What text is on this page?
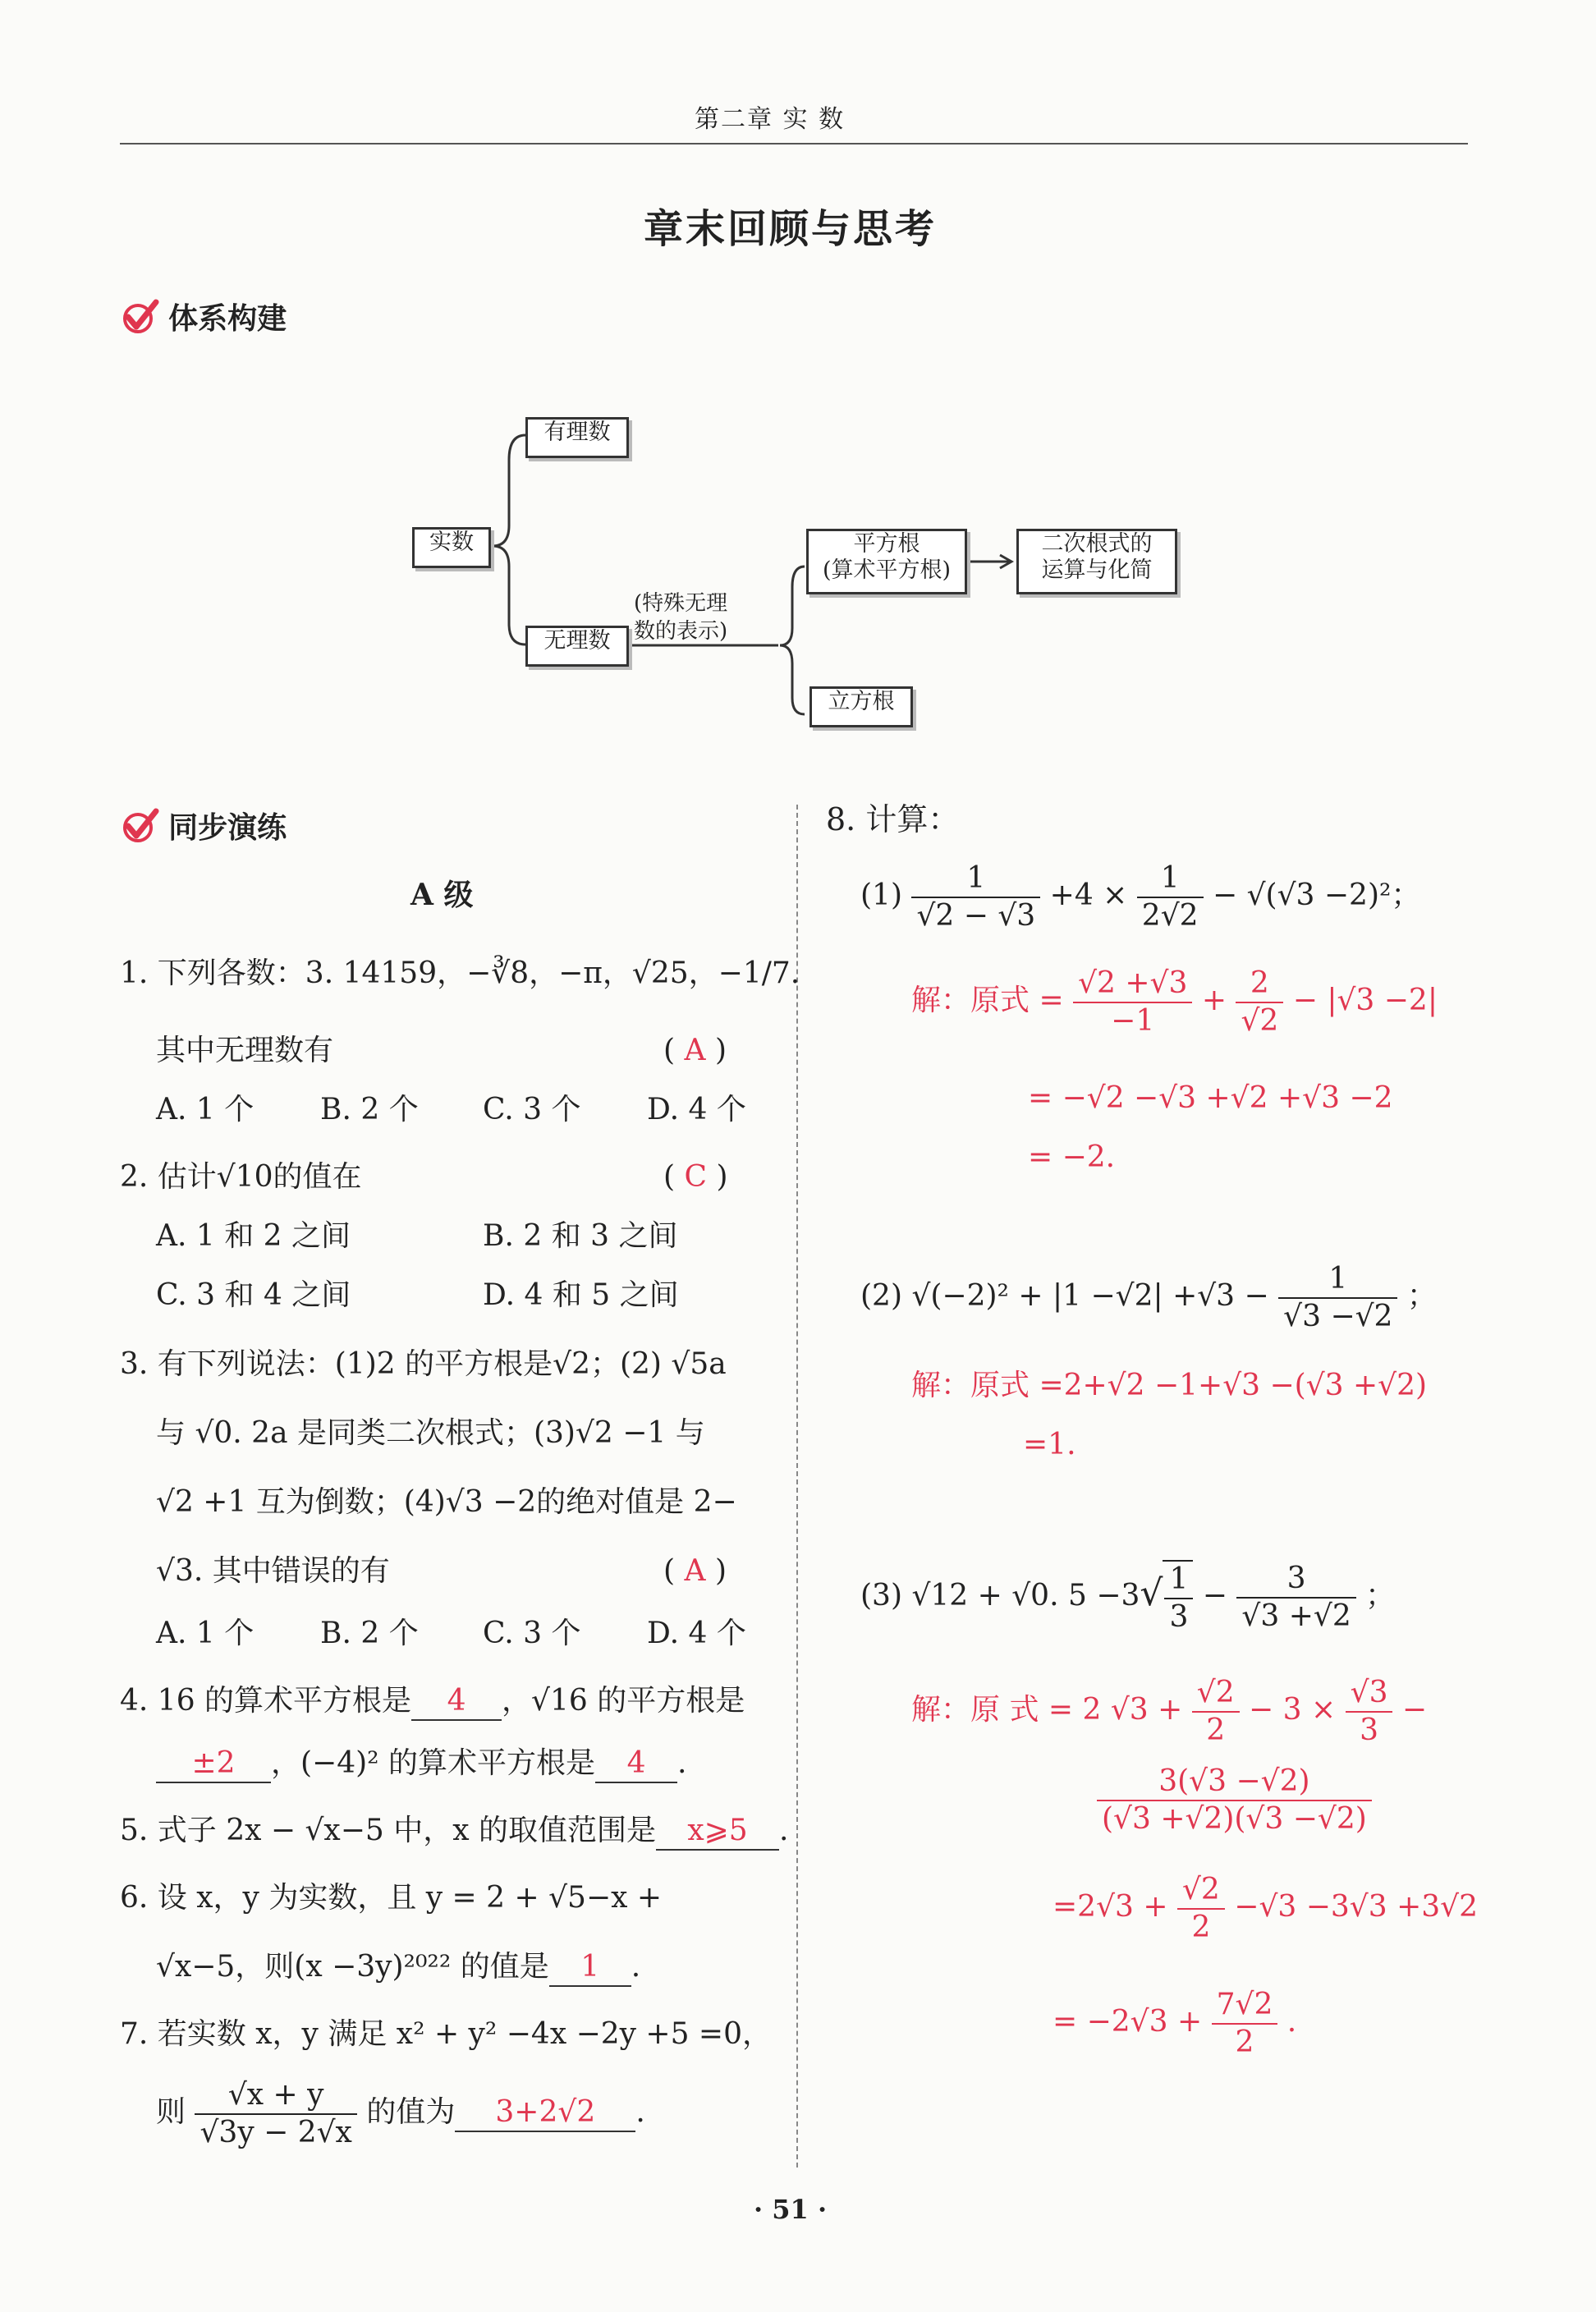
第二章 实 数
章末回顾与思考
体系构建
实数
有理数
无理数
(特殊无理
数的表示)
平方根
(算术平方根)
立方根
二次根式的
运算与化简
同步演练
A 级
1. 下列各数：3. 14159，−∛8，−π，√25，−1/7.
其中无理数有	( A )
A. 1 个 B. 2 个 C. 3 个 D. 4 个
2. 估计√10的值在	( C )
A. 1 和 2 之间	B. 2 和 3 之间
C. 3 和 4 之间	D. 4 和 5 之间
3. 有下列说法：(1)2 的平方根是√2；(2) √5a
与 √0. 2a 是同类二次根式；(3)√2 −1 与
√2 +1 互为倒数；(4)√3 −2的绝对值是 2−
√3. 其中错误的有	( A )
A. 1 个 B. 2 个 C. 3 个 D. 4 个
4. 16 的算术平方根是 4 ，√16 的平方根是
±2 ，(−4)² 的算术平方根是 4 .
5. 式子 2x − √x−5 中，x 的取值范围是 x⩾5 .
6. 设 x，y 为实数，且 y = 2 + √5−x +
√x−5，则(x −3y)²⁰²² 的值是 1 .
7. 若实数 x，y 满足 x² + y² −4x −2y +5 =0，
则 $\frac{√x + y}{√3y - 2√x}$ 的值为 3+2√2 .
8. 计算：
$(1) \frac{1}{√2 - √3} +4 \times \frac{1}{2√2} - √(√3 -2)^2$；
解：原式 = $\frac{√2 +√3}{-1} + \frac{2}{√2} - |√3 -2|$
= −√2 −√3 +√2 +√3 −2
= −2.
(2) $√(-2)^2 + |1 -√2| +√3 - \frac{1}{√3 -√2}$ ；
解：原式 =2+√2 −1+√3 −(√3 +√2)
=1.
(3) √12 + √0. $5 -3√ \frac{1}{3} - \frac{3}{√3 +√2}$ ；
解：原 式 = 2 $√3 + \frac{√2}{2} - 3 \times \frac{√3}{3}$ −
$\frac{3(√3 -√2)}{(√3 +√2)(√3 -√2)}$
$=2√3 + \frac{√2}{2} -√3 -3√3 +3√2$
= $-2√3 + \frac{7√2}{2}$ .
· 51 ·
